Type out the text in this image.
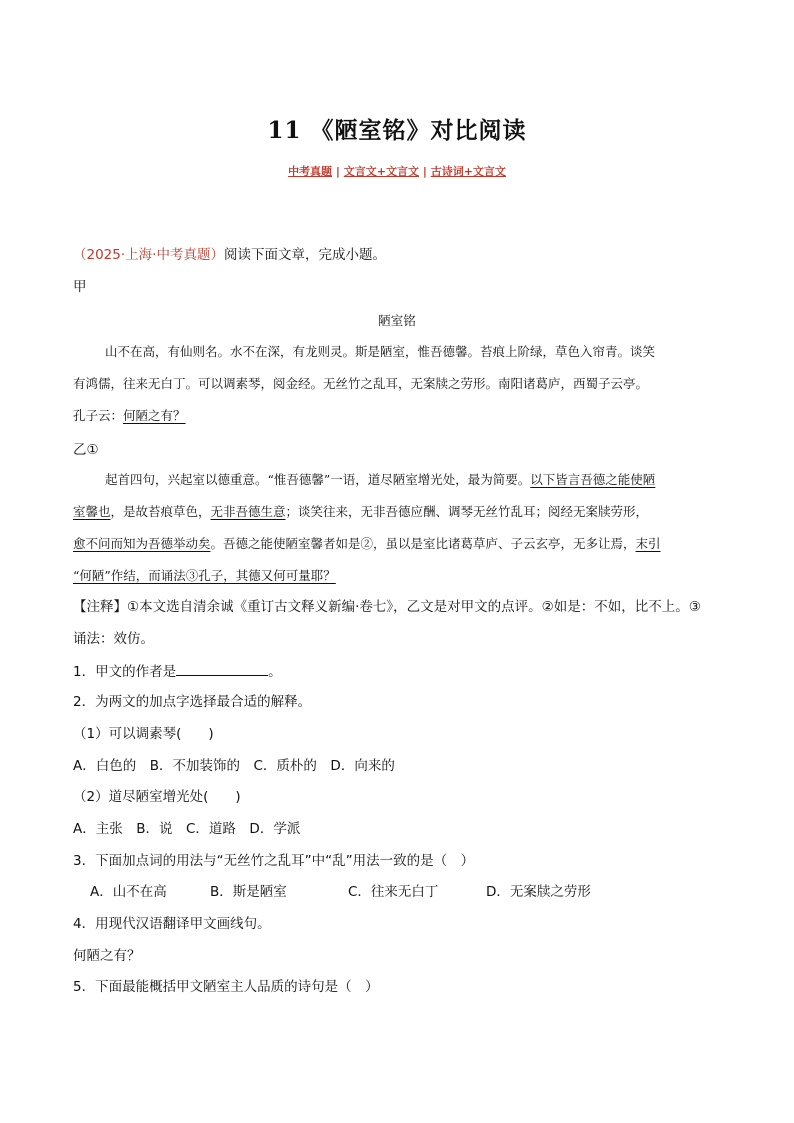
11 《陋室铭》对比阅读
中考真题 | 文言文+文言文 | 古诗词+文言文
（2025·上海·中考真题）阅读下面文章，完成小题。
甲
陋室铭
山不在高，有仙则名。水不在深，有龙则灵。斯是陋室，惟吾德馨。苔痕上阶绿，草色入帘青。谈笑
有鸿儒，往来无白丁。可以调素琴，阅金经。无丝竹之乱耳，无案牍之劳形。南阳诸葛庐，西蜀子云亭。
孔子云：何陋之有？
乙①
起首四句，兴起室以德重意。“惟吾德馨”一语，道尽陋室增光处，最为简要。以下皆言吾德之能使陋
室馨也，是故苔痕草色，无非吾德生意；谈笑往来，无非吾德应酬、调琴无丝竹乱耳；阅经无案牍劳形，
愈不问而知为吾德举动矣。吾德之能使陋室馨者如是②，虽以是室比诸葛草庐、子云玄亭，无多让焉，末引
“何陋”作结，而诵法③孔子，其德又何可量耶？
【注释】①本文选自清余诚《重订古文释义新编·卷七》，乙文是对甲文的点评。②如是：不如，比不上。③
诵法：效仿。
1．甲文的作者是	。
2．为两文的加点字选择最合适的解释。
（1）可以调素琴(　　)
A．白色的　B．不加装饰的　C．质朴的　D．向来的
（2）道尽陋室增光处(　　)
A．主张　B．说　C．道路　D．学派
3．下面加点词的用法与“无丝竹之乱耳”中“乱”用法一致的是（　）
A．山不在高	B．斯是陋室	C．往来无白丁	D．无案牍之劳形
4．用现代汉语翻译甲文画线句。
何陋之有？
5．下面最能概括甲文陋室主人品质的诗句是（　）
